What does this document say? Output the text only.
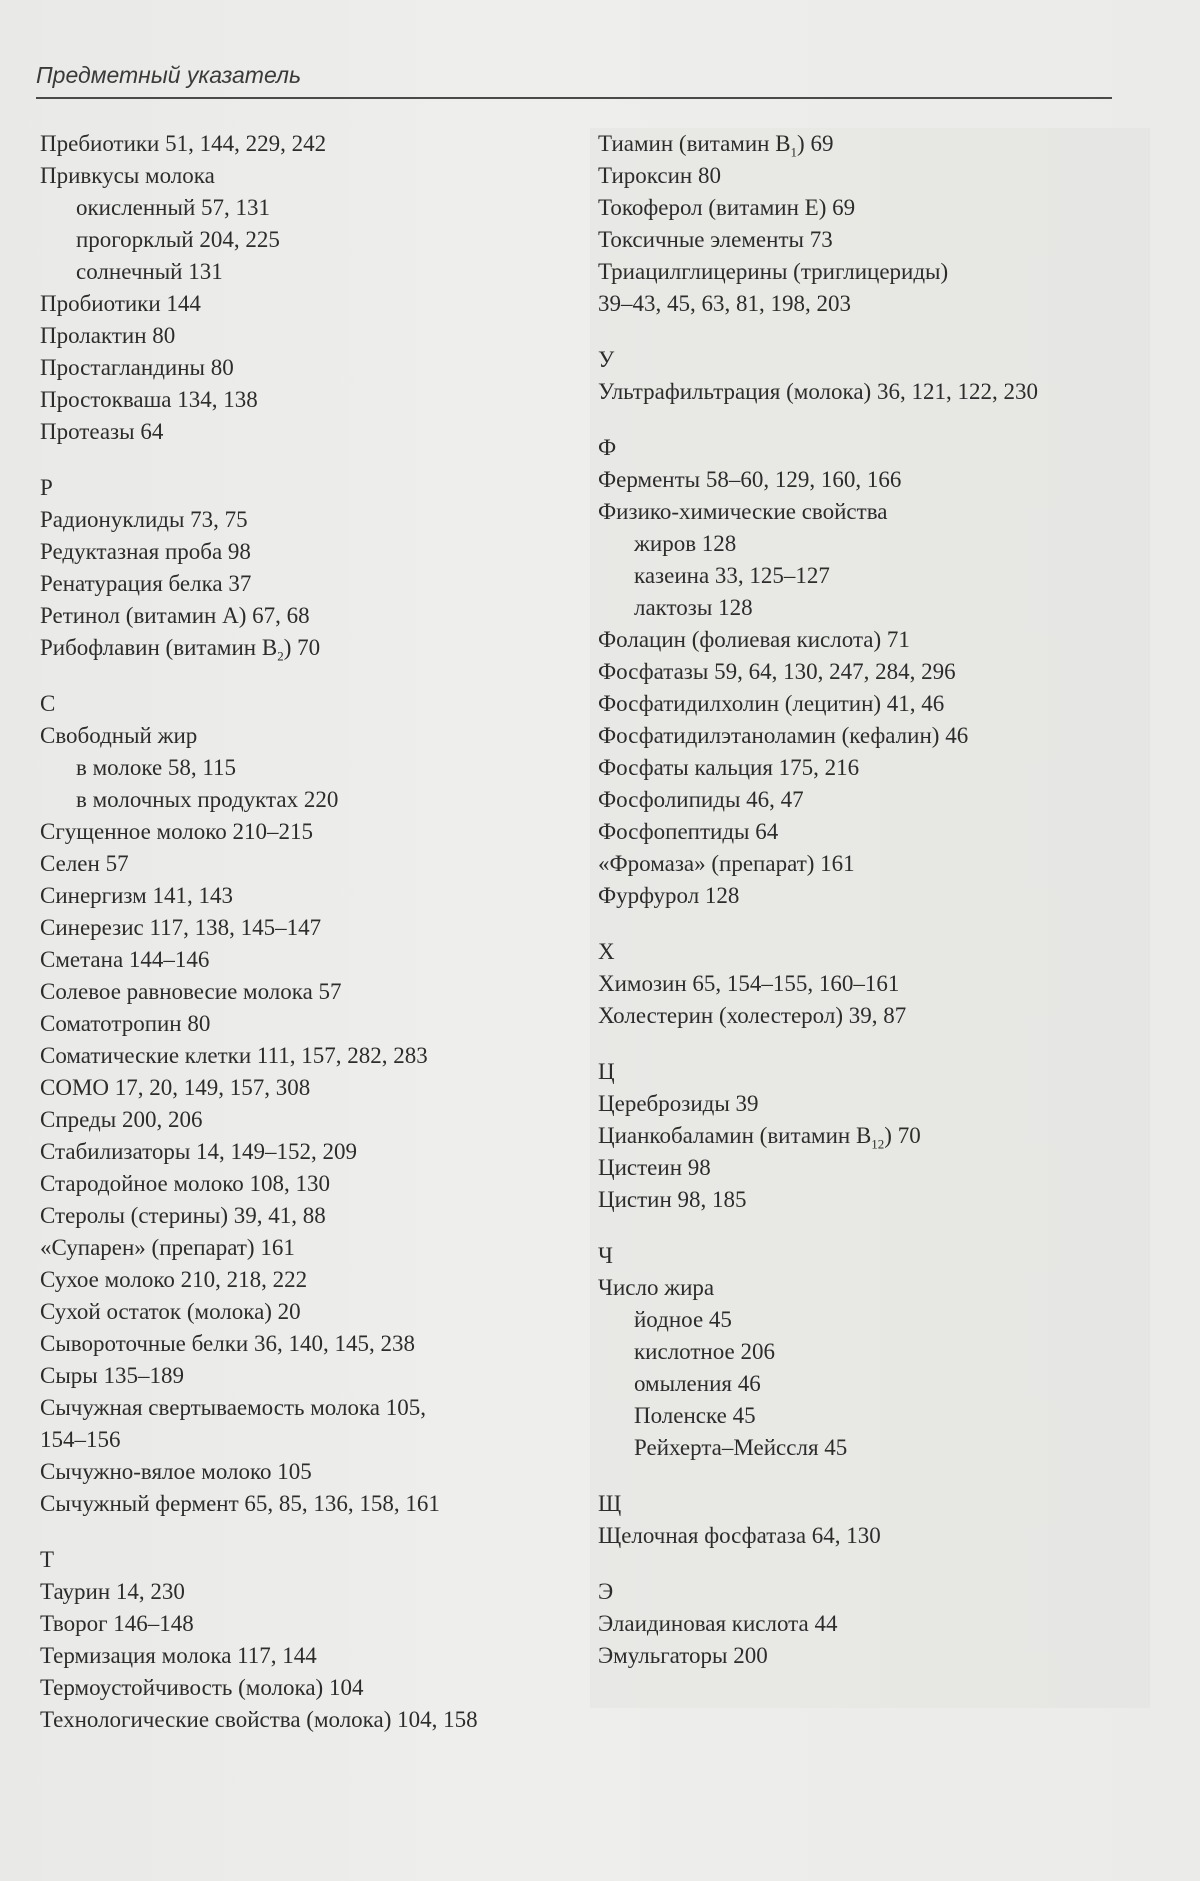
Предметный указатель
Пребиотики 51, 144, 229, 242
Привкусы молока
окисленный 57, 131
прогорклый 204, 225
солнечный 131
Пробиотики 144
Пролактин 80
Простагландины 80
Простокваша 134, 138
Протеазы 64
Р
Радионуклиды 73, 75
Редуктазная проба 98
Ренатурация белка 37
Ретинол (витамин А) 67, 68
Рибофлавин (витамин $B_2$) 70
С
Свободный жир
в молоке 58, 115
в молочных продуктах 220
Сгущенное молоко 210–215
Селен 57
Синергизм 141, 143
Синерезис 117, 138, 145–147
Сметана 144–146
Солевое равновесие молока 57
Соматотропин 80
Соматические клетки 111, 157, 282, 283
СОМО 17, 20, 149, 157, 308
Спреды 200, 206
Стабилизаторы 14, 149–152, 209
Стародойное молоко 108, 130
Стеролы (стерины) 39, 41, 88
«Супарен» (препарат) 161
Сухое молоко 210, 218, 222
Сухой остаток (молока) 20
Сывороточные белки 36, 140, 145, 238
Сыры 135–189
Сычужная свертываемость молока 105,
154–156
Сычужно-вялое молоко 105
Сычужный фермент 65, 85, 136, 158, 161
Т
Таурин 14, 230
Творог 146–148
Термизация молока 117, 144
Термоустойчивость (молока) 104
Технологические свойства (молока) 104, 158
Тиамин (витамин $B_1$) 69
Тироксин 80
Токоферол (витамин Е) 69
Токсичные элементы 73
Триацилглицерины (триглицериды)
39–43, 45, 63, 81, 198, 203
У
Ультрафильтрация (молока) 36, 121, 122, 230
Ф
Ферменты 58–60, 129, 160, 166
Физико-химические свойства
жиров 128
казеина 33, 125–127
лактозы 128
Фолацин (фолиевая кислота) 71
Фосфатазы 59, 64, 130, 247, 284, 296
Фосфатидилхолин (лецитин) 41, 46
Фосфатидилэтаноламин (кефалин) 46
Фосфаты кальция 175, 216
Фосфолипиды 46, 47
Фосфопептиды 64
«Фромаза» (препарат) 161
Фурфурол 128
Х
Химозин 65, 154–155, 160–161
Холестерин (холестерол) 39, 87
Ц
Цереброзиды 39
Цианкобаламин (витамин $B_{12}$) 70
Цистеин 98
Цистин 98, 185
Ч
Число жира
йодное 45
кислотное 206
омыления 46
Поленске 45
Рейхерта–Мейссля 45
Щ
Щелочная фосфатаза 64, 130
Э
Элаидиновая кислота 44
Эмульгаторы 200
